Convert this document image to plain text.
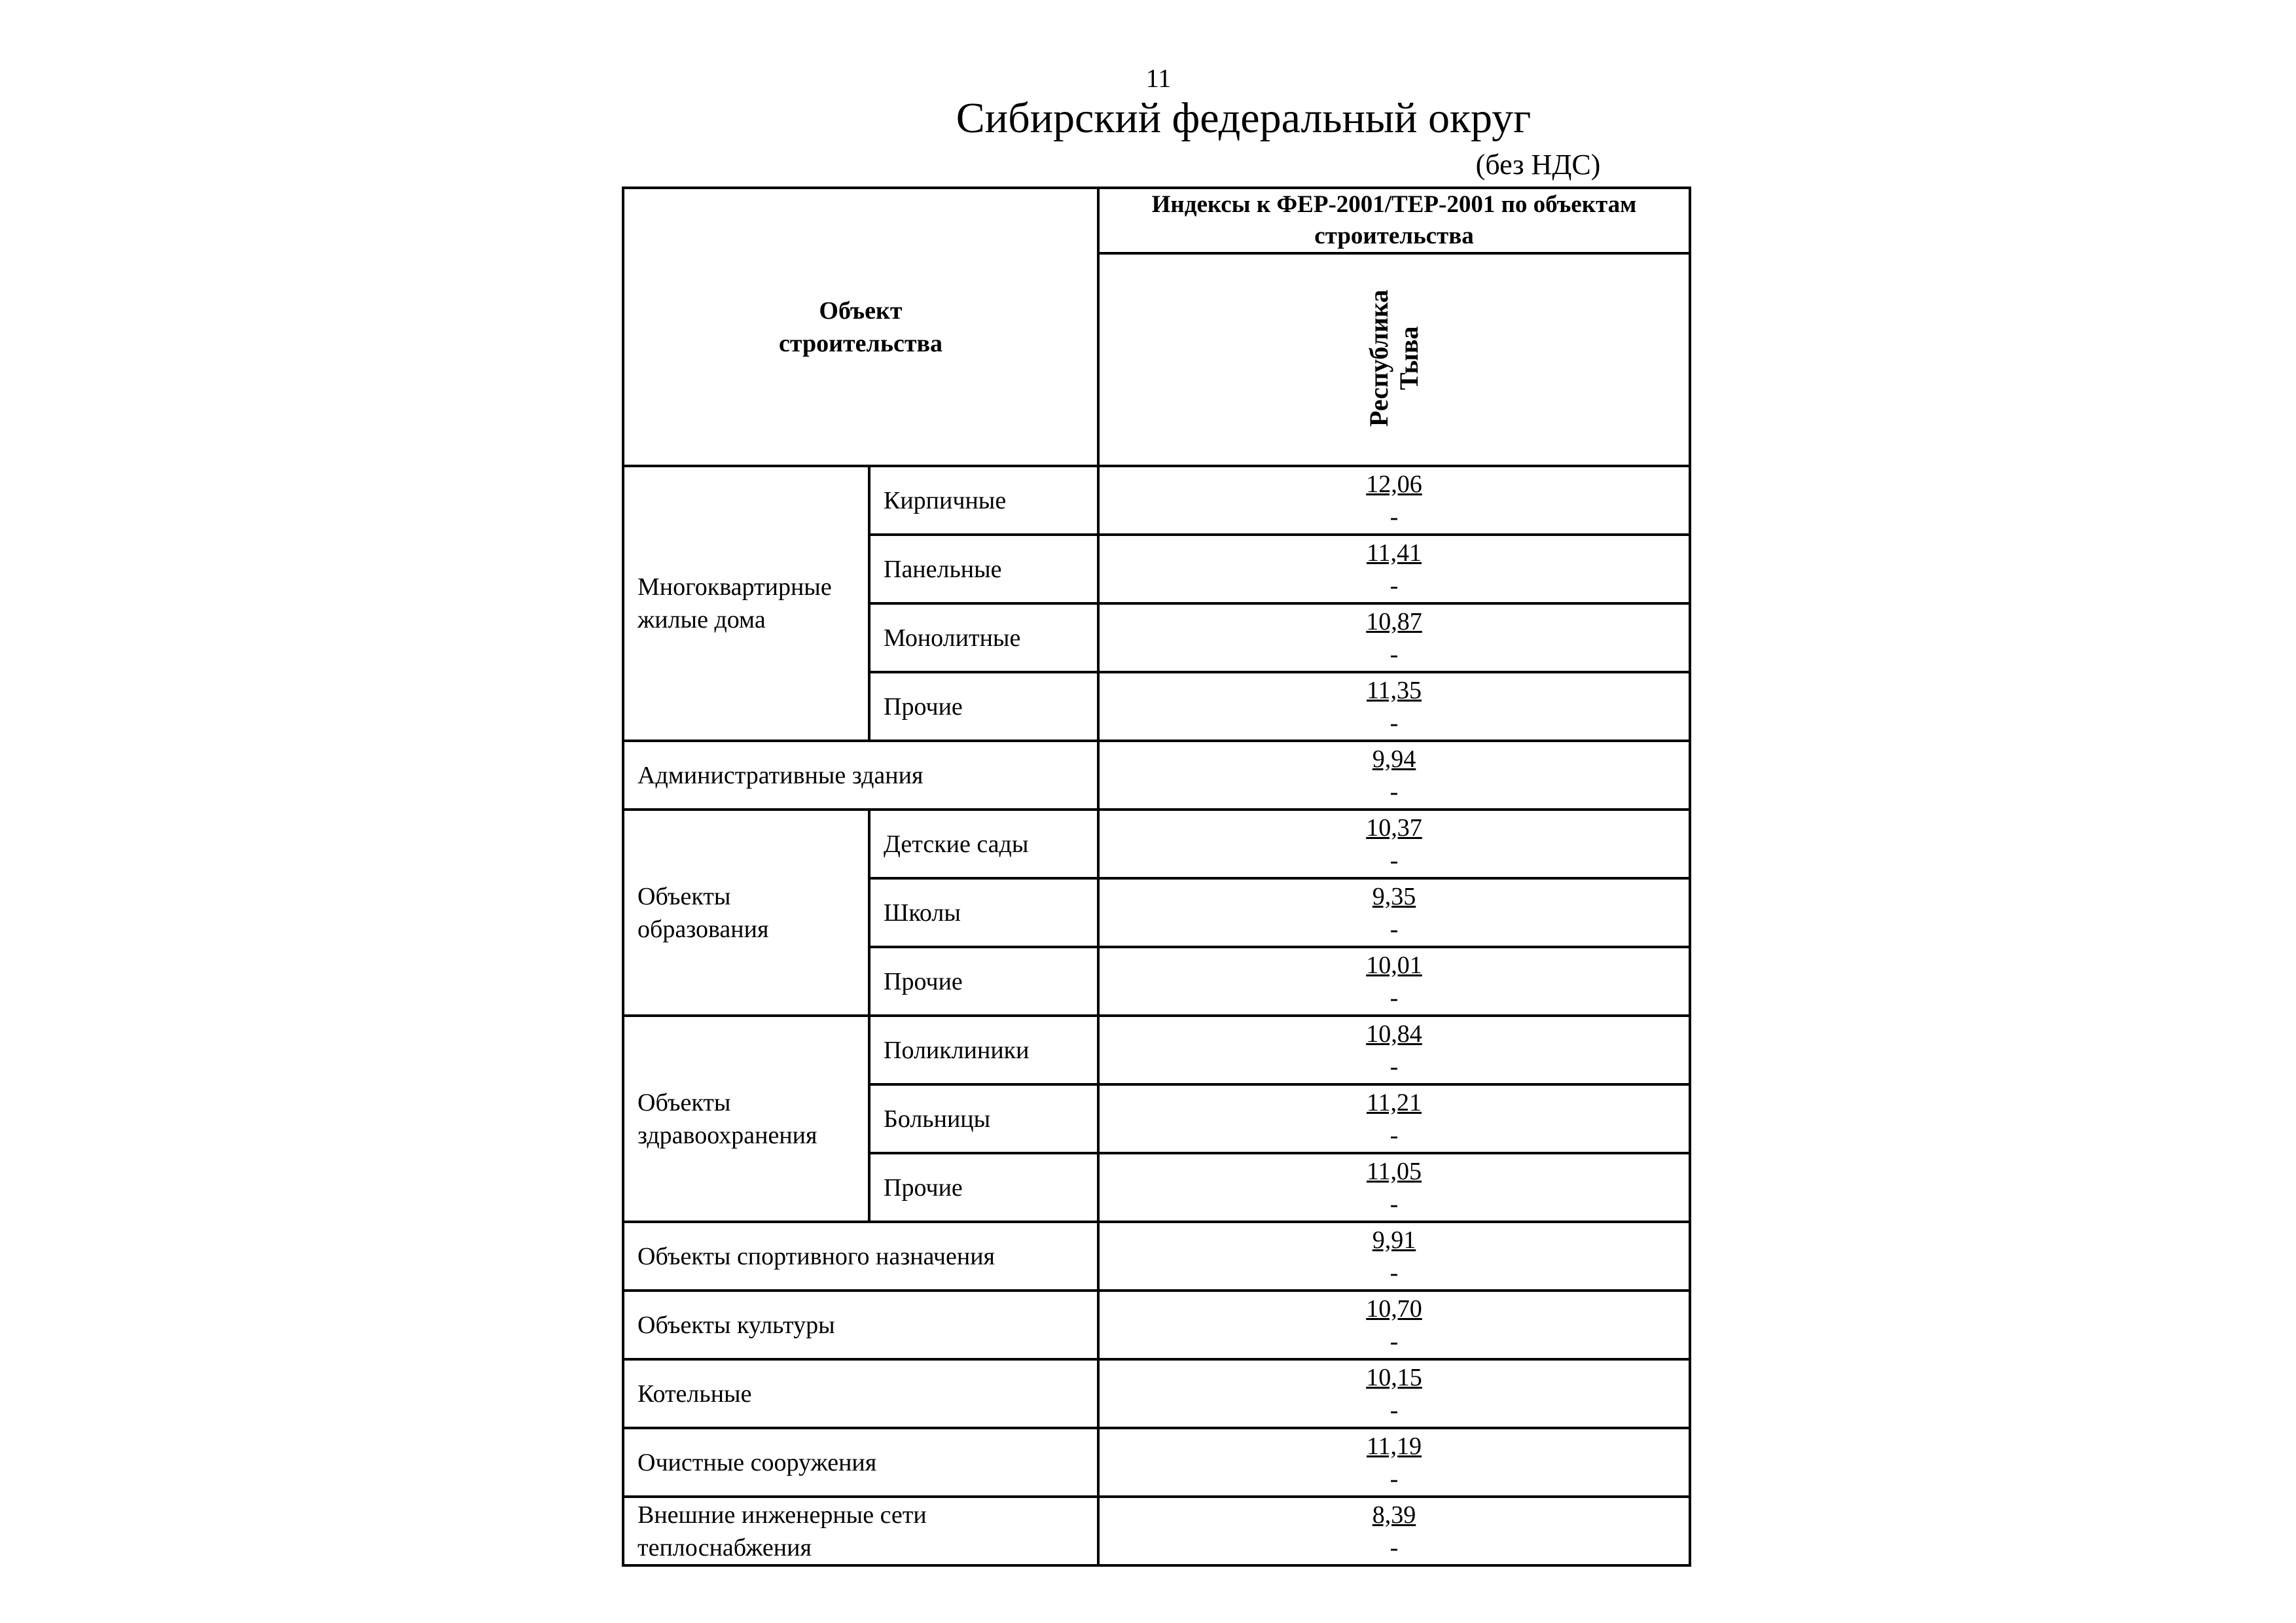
11
Сибирский федеральный округ
(без НДС)
Объект строительства		Индексы к ФЕР-2001/ТЕР-2001 по объектам строительства

		Республика Тыва
Многоквартирные жилые дома	Кирпичные	12,06
-

	Панельные	11,41
-

	Монолитные	10,87
-

	Прочие	11,35
-

Административные здания		9,94
-

Объекты образования	Детские сады	10,37
-

	Школы	9,35
-

	Прочие	10,01
-

Объекты здравоохранения	Поликлиники	10,84
-

	Больницы	11,21
-

	Прочие	11,05
-

Объекты спортивного назначения		9,91
-

Объекты культуры		10,70
-

Котельные		10,15
-

Очистные сооружения		11,19
-

Внешние инженерные сети теплоснабжения		8,39
-
